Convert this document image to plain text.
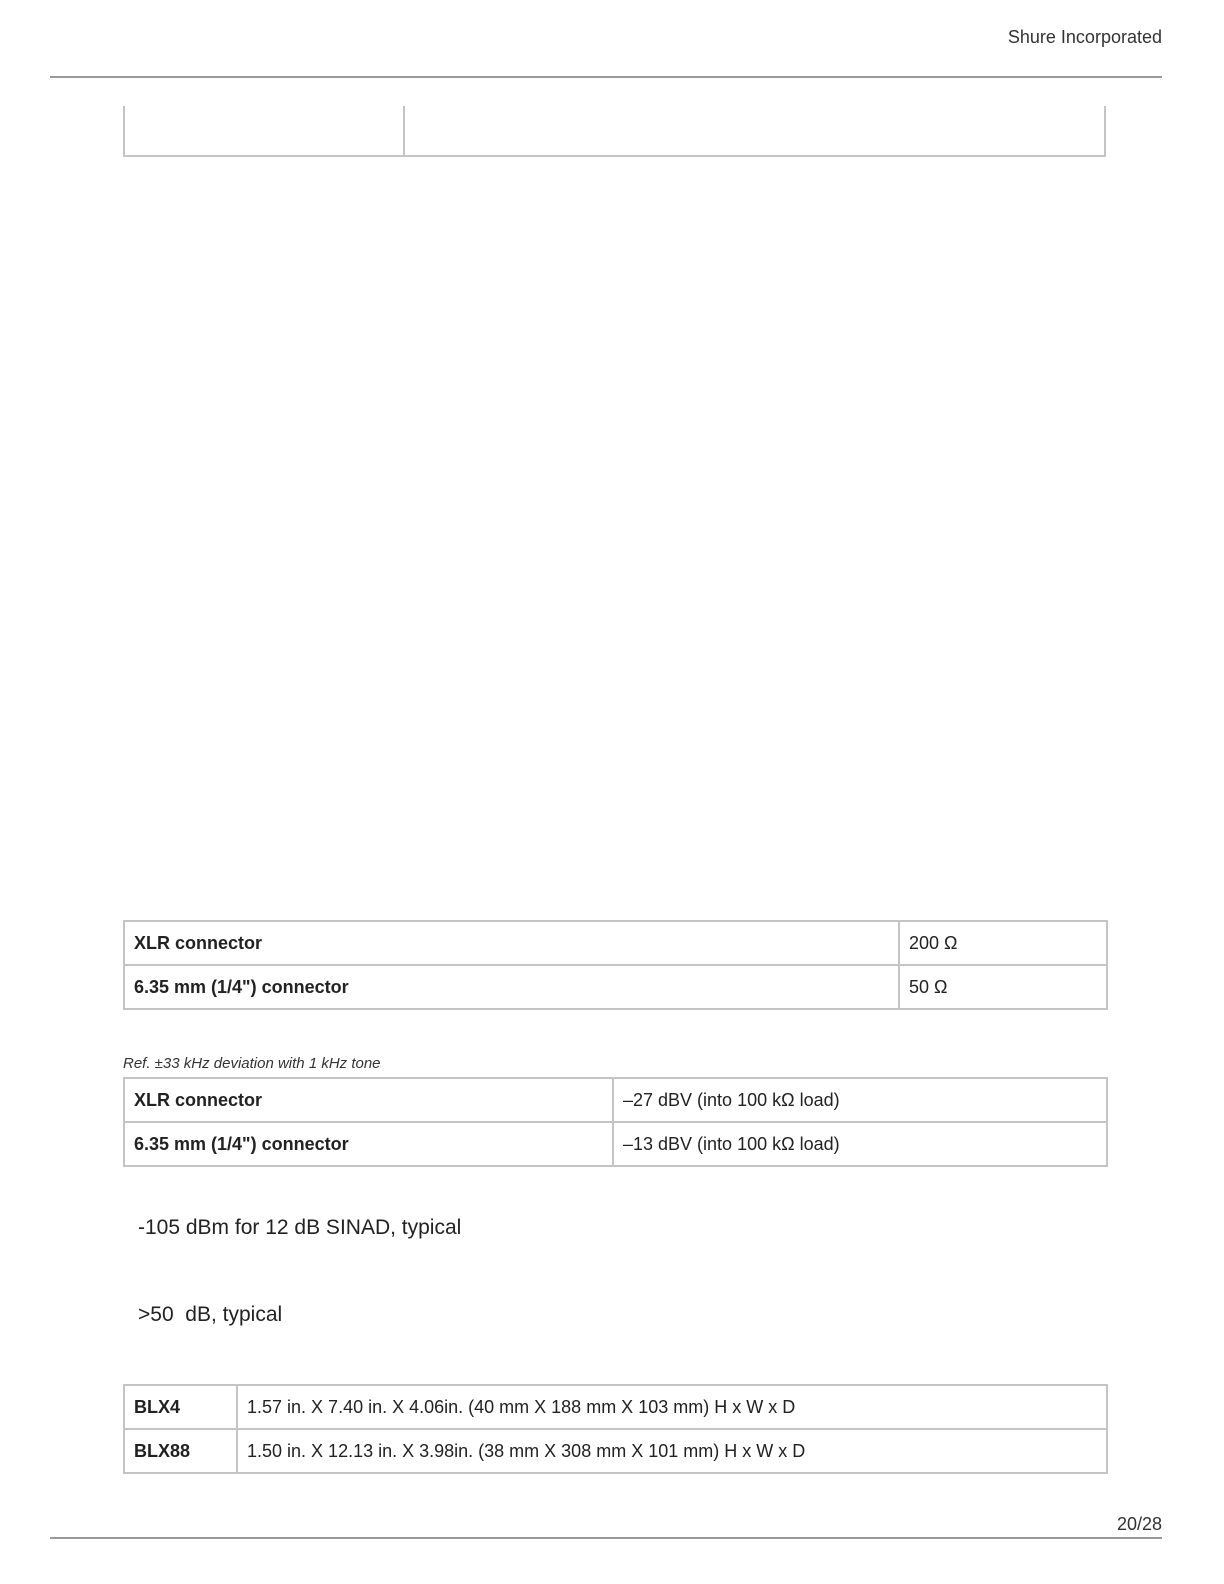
Shure Incorporated
XLR connector	200 Ω
6.35 mm (1/4") connector	50 Ω
Ref. ±33 kHz deviation with 1 kHz tone
XLR connector	–27 dBV (into 100 kΩ load)
6.35 mm (1/4") connector	–13 dBV (into 100 kΩ load)
-105 dBm for 12 dB SINAD, typical
>50  dB, typical
BLX4	1.57 in. X 7.40 in. X 4.06in. (40 mm X 188 mm X 103 mm) H x W x D
BLX88	1.50 in. X 12.13 in. X 3.98in. (38 mm X 308 mm X 101 mm) H x W x D
20/28
